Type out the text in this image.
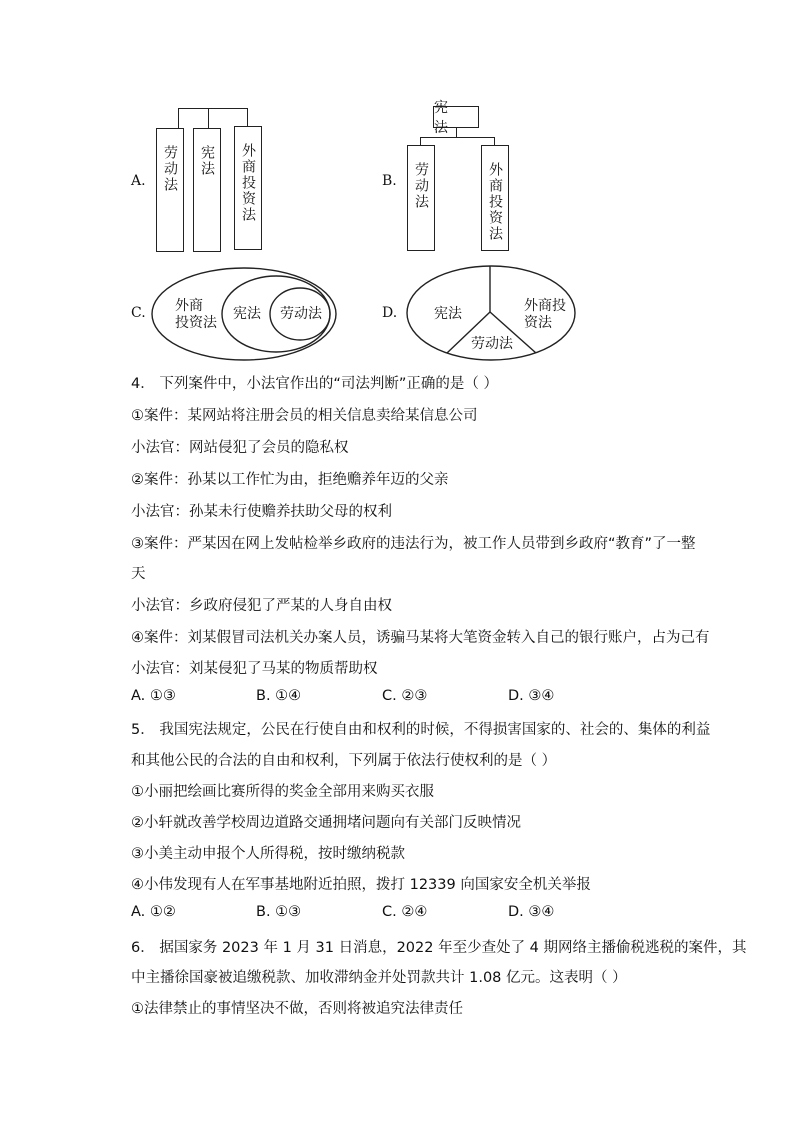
A.	劳动法	宪法	外商投资法	B.
宪 法
劳动法	外商投资法
C. 外商
投资法
宪法 劳动法	D.	宪法	外商投
资法
劳动法
4． 下列案件中，小法官作出的“司法判断”正确的是（ ）
①案件：某网站将注册会员的相关信息卖给某信息公司
小法官：网站侵犯了会员的隐私权
②案件：孙某以工作忙为由，拒绝赡养年迈的父亲
小法官：孙某未行使赡养扶助父母的权利
③案件：严某因在网上发帖检举乡政府的违法行为，被工作人员带到乡政府“教育”了一整
天
小法官：乡政府侵犯了严某的人身自由权
④案件：刘某假冒司法机关办案人员，诱骗马某将大笔资金转入自己的银行账户，占为己有
小法官：刘某侵犯了马某的物质帮助权
A. ①③	B. ①④	C. ②③	D. ③④
5． 我国宪法规定，公民在行使自由和权利的时候，不得损害国家的、社会的、集体的利益
和其他公民的合法的自由和权利，下列属于依法行使权利的是（ ）
①小丽把绘画比赛所得的奖金全部用来购买衣服
②小轩就改善学校周边道路交通拥堵问题向有关部门反映情况
③小美主动申报个人所得税，按时缴纳税款
④小伟发现有人在军事基地附近拍照，拨打 12339 向国家安全机关举报
A. ①②	B. ①③	C. ②④	D. ③④
6． 据国家务 2023 年 1 月 31 日消息，2022 年至少查处了 4 期网络主播偷税逃税的案件，其
中主播徐国豪被追缴税款、加收滞纳金并处罚款共计 1.08 亿元。这表明（ ）
①法律禁止的事情坚决不做，否则将被追究法律责任
